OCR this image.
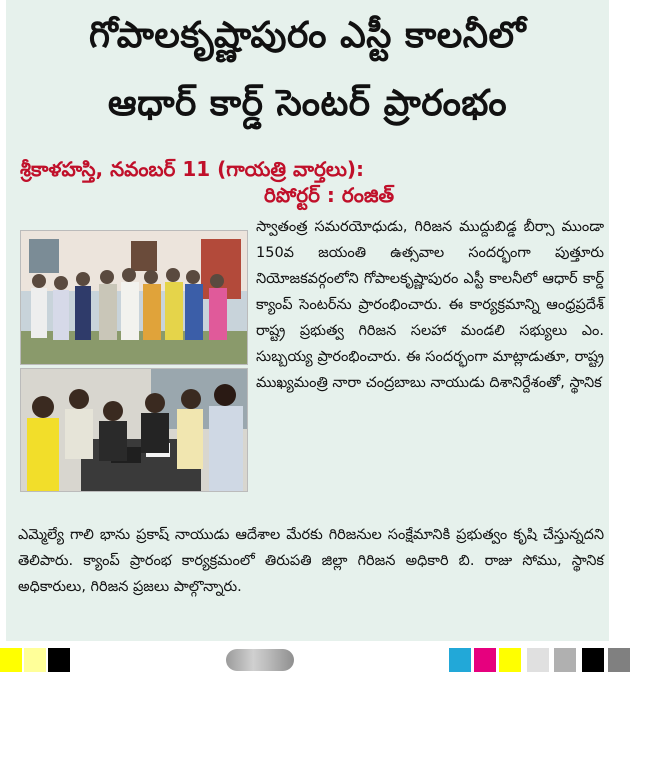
గోపాలకృష్ణాపురం ఎస్టీ కాలనీలో
ఆధార్ కార్డ్ సెంటర్ ప్రారంభం
శ్రీకాళహస్తి, నవంబర్ 11 (గాయత్రి వార్తలు):
రిపోర్టర్ : రంజిత్
స్వాతంత్ర సమరయోధుడు, గిరిజన ముద్దుబిడ్డ బీర్సా ముండా 150వ జయంతి ఉత్సవాల సందర్భంగా పుత్తూరు నియోజకవర్గంలోని గోపాలకృష్ణాపురం ఎస్టీ కాలనీలో ఆధార్ కార్డ్ క్యాంప్ సెంటర్‌ను ప్రారంభించారు. ఈ కార్యక్రమాన్ని ఆంధ్రప్రదేశ్ రాష్ట్ర ప్రభుత్వ గిరిజన సలహా మండలి సభ్యులు ఎం. సుబ్బయ్య ప్రారంభించారు. ఈ సందర్భంగా మాట్లాడుతూ, రాష్ట్ర ముఖ్యమంత్రి నారా చంద్రబాబు నాయుడు దిశానిర్దేశంతో, స్థానిక
ఎమ్మెల్యే గాలి భాను ప్రకాష్ నాయుడు ఆదేశాల మేరకు గిరిజనుల సంక్షేమానికి ప్రభుత్వం కృషి చేస్తున్నదని తెలిపారు. క్యాంప్ ప్రారంభ కార్యక్రమంలో తిరుపతి జిల్లా గిరిజన అధికారి బి. రాజు సోము, స్థానిక అధికారులు, గిరిజన ప్రజలు పాల్గొన్నారు.
